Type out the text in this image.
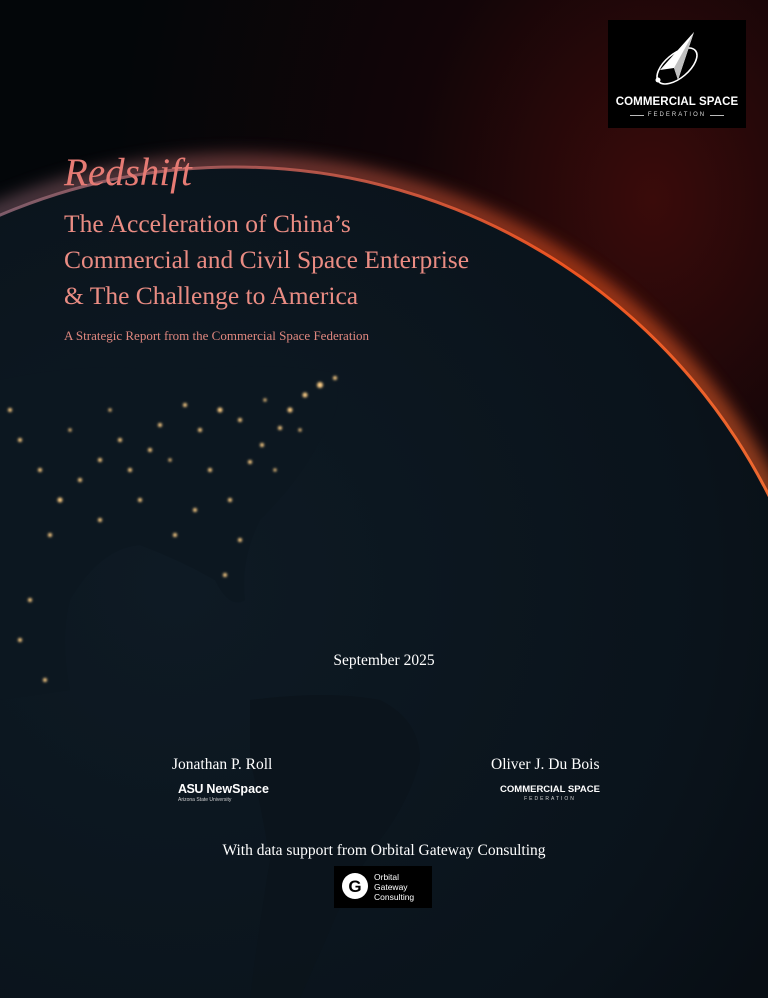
COMMERCIAL SPACE
FEDERATION
Redshift
The Acceleration of China’s
Commercial and Civil Space Enterprise
& The Challenge to America
A Strategic Report from the Commercial Space Federation
September 2025
Jonathan P. Roll
ASU NewSpace
Arizona State University
Oliver J. Du Bois
COMMERCIAL SPACE
FEDERATION
With data support from Orbital Gateway Consulting
G	Orbital
Gateway
Consulting
